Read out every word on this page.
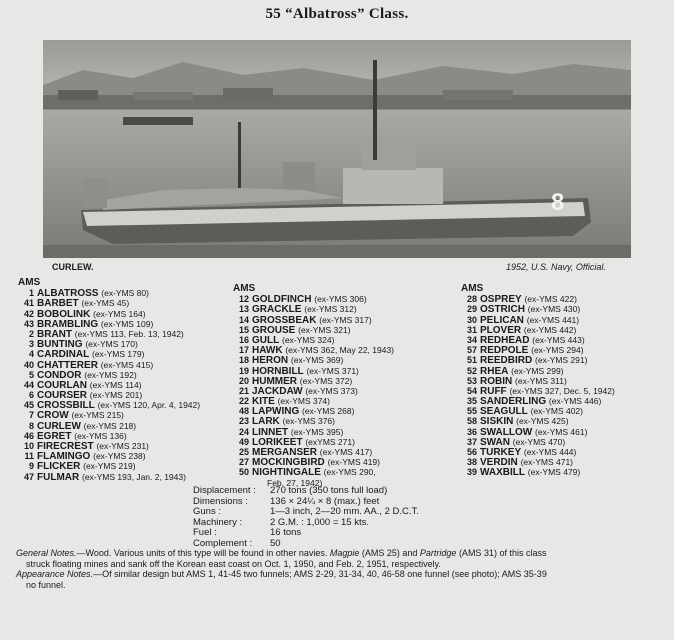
55 “Albatross” Class.
8
CURLEW.	1952, U.S. Navy, Official.
AMS
1 ALBATROSS (ex-YMS 80)
41 BARBET (ex-YMS 45)
42 BOBOLINK (ex-YMS 164)
43 BRAMBLING (ex-YMS 109)
2 BRANT (ex-YMS 113, Feb. 13, 1942)
3 BUNTING (ex-YMS 170)
4 CARDINAL (ex-YMS 179)
40 CHATTERER (ex-YMS 415)
5 CONDOR (ex-YMS 192)
44 COURLAN (ex-YMS 114)
6 COURSER (ex-YMS 201)
45 CROSSBILL (ex-YMS 120, Apr. 4, 1942)
7 CROW (ex-YMS 215)
8 CURLEW (ex-YMS 218)
46 EGRET (ex-YMS 136)
10 FIRECREST (ex-YMS 231)
11 FLAMINGO (ex-YMS 238)
9 FLICKER (ex-YMS 219)
47 FULMAR (ex-YMS 193, Jan. 2, 1943)
AMS
12 GOLDFINCH (ex-YMS 306)
13 GRACKLE (ex-YMS 312)
14 GROSSBEAK (ex-YMS 317)
15 GROUSE (ex-YMS 321)
16 GULL (ex-YMS 324)
17 HAWK (ex-YMS 362, May 22, 1943)
18 HERON (ex-YMS 369)
19 HORNBILL (ex-YMS 371)
20 HUMMER (ex-YMS 372)
21 JACKDAW (ex-YMS 373)
22 KITE (ex-YMS 374)
48 LAPWING (ex-YMS 268)
23 LARK (ex-YMS 376)
24 LINNET (ex-YMS 395)
49 LORIKEET (exYMS 271)
25 MERGANSER (ex-YMS 417)
27 MOCKINGBIRD (ex-YMS 419)
50 NIGHTINGALE (ex-YMS 290,
Feb. 27, 1942)
AMS
28 OSPREY (ex-YMS 422)
29 OSTRICH (ex-YMS 430)
30 PELICAN (ex-YMS 441)
31 PLOVER (ex-YMS 442)
34 REDHEAD (ex-YMS 443)
57 REDPOLE (ex-YMS 294)
51 REEDBIRD (ex-YMS 291)
52 RHEA (ex-YMS 299)
53 ROBIN (ex-YMS 311)
54 RUFF (ex-YMS 327, Dec. 5, 1942)
35 SANDERLING (ex-YMS 446)
55 SEAGULL (ex-YMS 402)
58 SISKIN (ex-YMS 425)
36 SWALLOW (ex-YMS 461)
37 SWAN (ex-YMS 470)
56 TURKEY (ex-YMS 444)
38 VERDIN (ex-YMS 471)
39 WAXBILL (ex-YMS 479)
Displacement : 270 tons (350 tons full load)
Dimensions : 136 × 24¼ × 8 (max.) feet
Guns :	1—3 inch, 2—20 mm. AA., 2 D.C.T.
Machinery :	2 G.M. : 1,000 = 15 kts.
Fuel :	16 tons
Complement : 50

General Notes.—Wood. Various units of this type will be found in other navies. Magpie (AMS 25) and Partridge (AMS 31) of this class

struck floating mines and sank off the Korean east coast on Oct. 1, 1950, and Feb. 2, 1951, respectively.

Appearance Notes.—Of similar design but AMS 1, 41-45 two funnels; AMS 2-29, 31-34, 40, 46-58 one funnel (see photo); AMS 35-39

no funnel.
